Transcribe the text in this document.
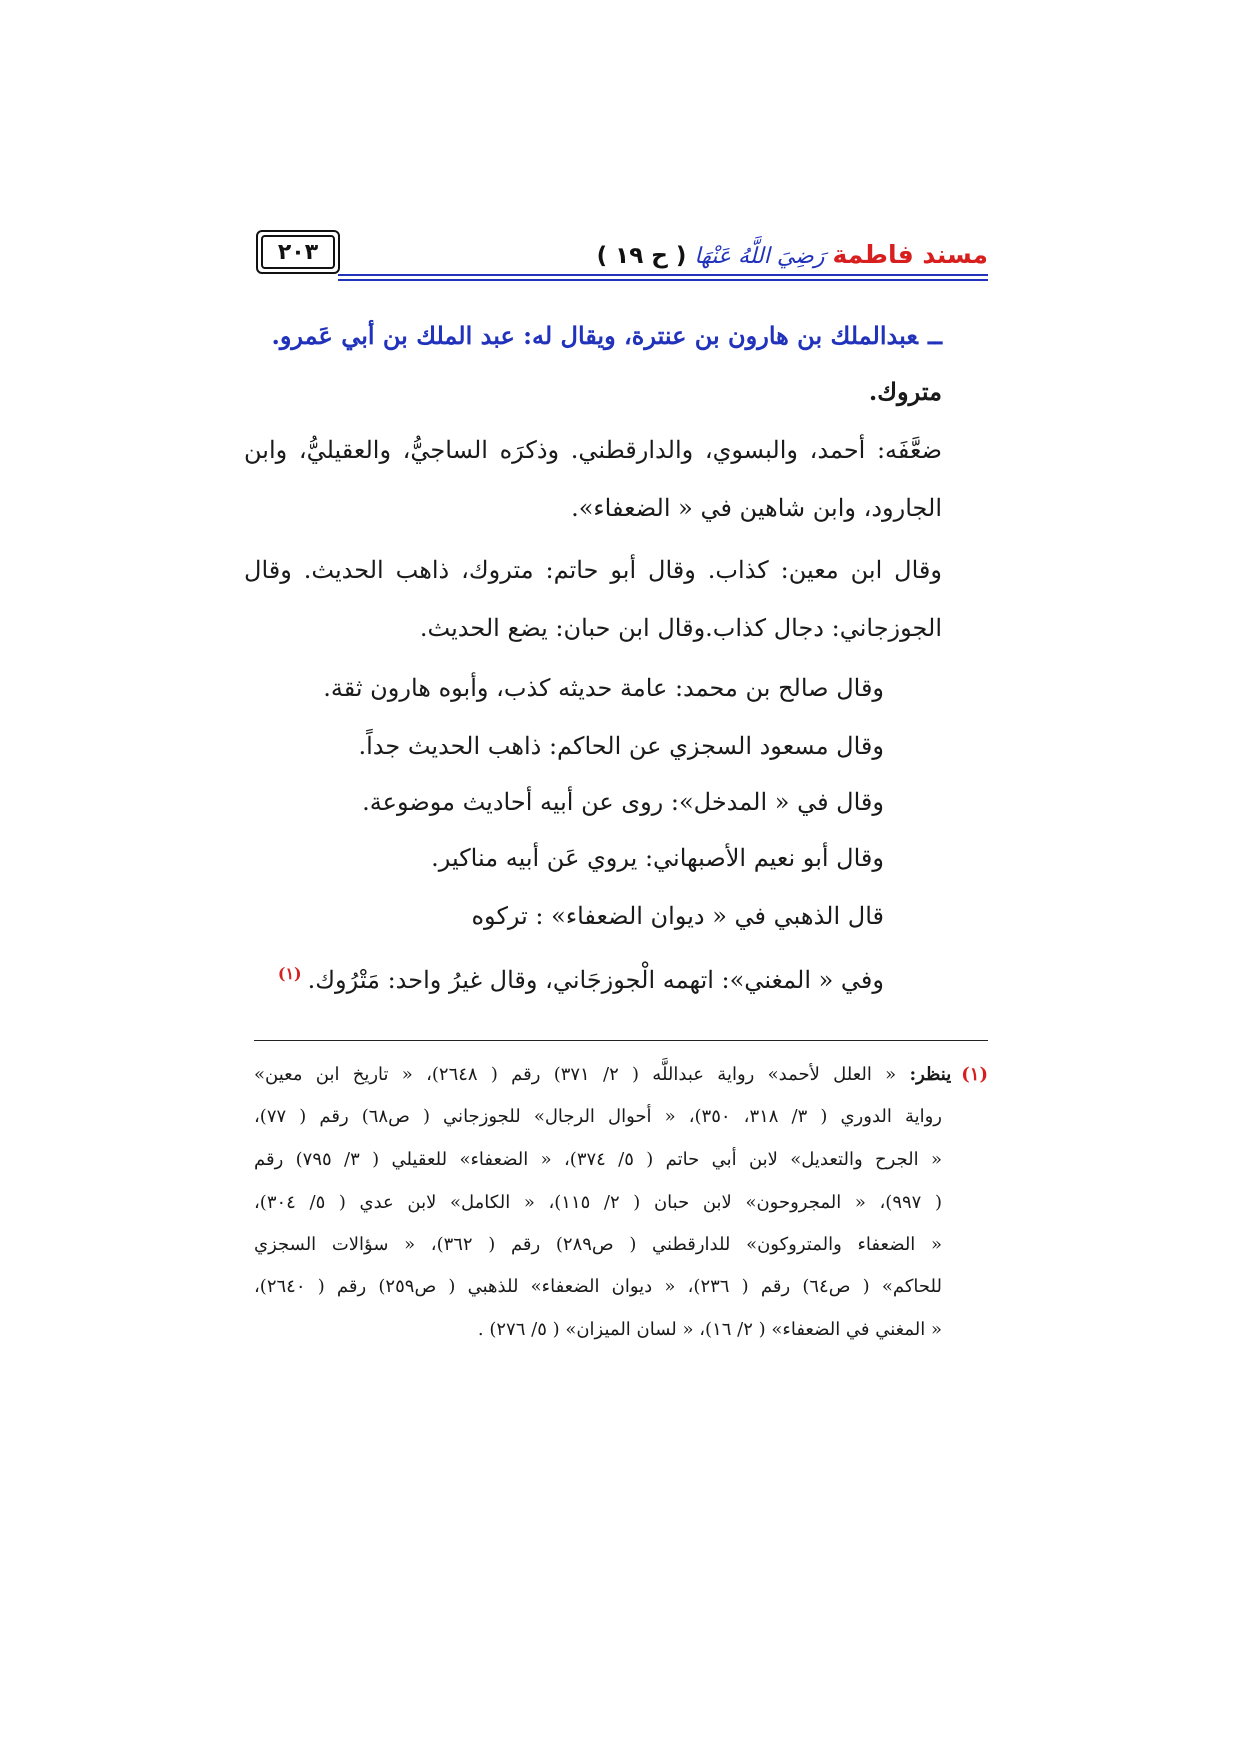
مسند فاطمة
رَضِيَ اللَّهُ عَنْهَا
( ح ١٩ )
٢٠٣
ــعبدالملك بن هارون بن عنترة، ويقال له: عبد الملك بن أبي عَمرو.
متروك.
ضعَّفَه: أحمد، والبسوي، والدارقطني. وذكرَه الساجيُّ، والعقيليُّ، وابن
الجارود، وابن شاهين في « الضعفاء».
وقال ابن معين: كذاب. وقال أبو حاتم: متروك، ذاهب الحديث. وقال
الجوزجاني: دجال كذاب.وقال ابن حبان: يضع الحديث.
وقال صالح بن محمد: عامة حديثه كذب، وأبوه هارون ثقة.
وقال مسعود السجزي عن الحاكم: ذاهب الحديث جداً.
وقال في « المدخل»: روى عن أبيه أحاديث موضوعة.
وقال أبو نعيم الأصبهاني: يروي عَن أبيه مناكير.
قال الذهبي في « ديوان الضعفاء» : تركوه
وفي « المغني»: اتهمه الْجوزجَاني، وقال غيرُ واحد: مَتْرُوك.$^{(١)}$
(١)ينظر: « العلل لأحمد» رواية عبداللَّه ( ٢/ ٣٧١) رقم ( ٢٦٤٨)، « تاريخ ابن معين»
رواية الدوري ( ٣/ ٣١٨، ٣٥٠)، « أحوال الرجال» للجوزجاني ( ص٦٨) رقم ( ٧٧)،
« الجرح والتعديل» لابن أبي حاتم ( ٥/ ٣٧٤)، « الضعفاء» للعقيلي ( ٣/ ٧٩٥) رقم
( ٩٩٧)، « المجروحون» لابن حبان ( ٢/ ١١٥)، « الكامل» لابن عدي ( ٥/ ٣٠٤)،
« الضعفاء والمتروكون» للدارقطني ( ص٢٨٩) رقم ( ٣٦٢)، « سؤالات السجزي
للحاكم» ( ص٦٤) رقم ( ٢٣٦)، « ديوان الضعفاء» للذهبي ( ص٢٥٩) رقم ( ٢٦٤٠)،
« المغني في الضعفاء» ( ٢/ ١٦)، « لسان الميزان» ( ٥/ ٢٧٦) .
